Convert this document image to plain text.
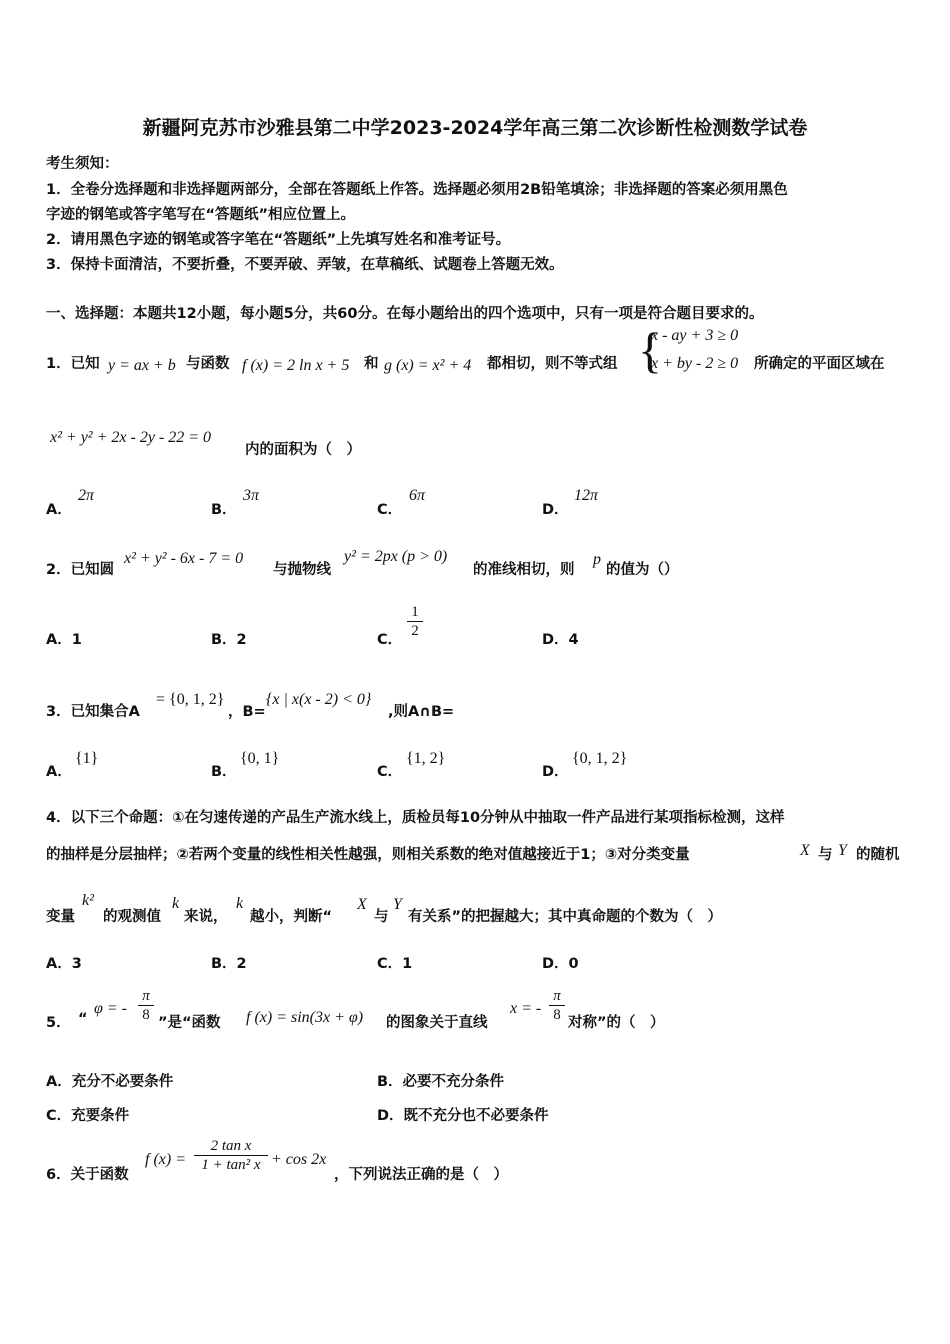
新疆阿克苏市沙雅县第二中学2023-2024学年高三第二次诊断性检测数学试卷
考生须知：
1．全卷分选择题和非选择题两部分，全部在答题纸上作答。选择题必须用2B铅笔填涂；非选择题的答案必须用黑色
字迹的钢笔或答字笔写在“答题纸”相应位置上。
2．请用黑色字迹的钢笔或答字笔在“答题纸”上先填写姓名和准考证号。
3．保持卡面清洁，不要折叠，不要弄破、弄皱，在草稿纸、试题卷上答题无效。
一、选择题：本题共12小题，每小题5分，共60分。在每小题给出的四个选项中，只有一项是符合题目要求的。
1．已知 y = ax + b 与函数 f (x) = 2 ln x + 5 和 g (x) = x² + 4 都相切，则不等式组 {
x - ay + 3 ≥ 0
x + by - 2 ≥ 0 所确定的平面区域在
x² + y² + 2x - 2y - 22 = 0
内的面积为（　）
A．
2π
B．
3π
C．
6π
D．
12π
2．已知圆
x² + y² - 6x - 7 = 0
与抛物线
y² = 2px (p > 0)
的准线相切，则
p
的值为（）
A．1	B．2	C．
1
2
D．4
3．已知集合A
= {0, 1, 2}
，B=
{x | x(x - 2) < 0}
,则A∩B=
A．
{1}
B．
{0, 1}
C．
{1, 2}
D．
{0, 1, 2}
4．以下三个命题：①在匀速传递的产品生产流水线上，质检员每10分钟从中抽取一件产品进行某项指标检测，这样
的抽样是分层抽样；②若两个变量的线性相关性越强，则相关系数的绝对值越接近于1；③对分类变量	X 与 Y 的随机
变量
k²
的观测值
k
来说，
k
越小，判断“
X
与
Y
有关系”的把握越大；其中真命题的个数为（　）
A．3	B．2	C．1	D．0
5． “
φ = -
π
8 ”是“函数 f (x) = sin(3x + φ) 的图象关于直线
x = -
π
8 对称”的（　）
A．充分不必要条件	B．必要不充分条件
C．充要条件	D．既不充分也不必要条件
6．关于函数
f (x) =
2 tan x
1 + tan² x + cos 2x
，下列说法正确的是（　）
